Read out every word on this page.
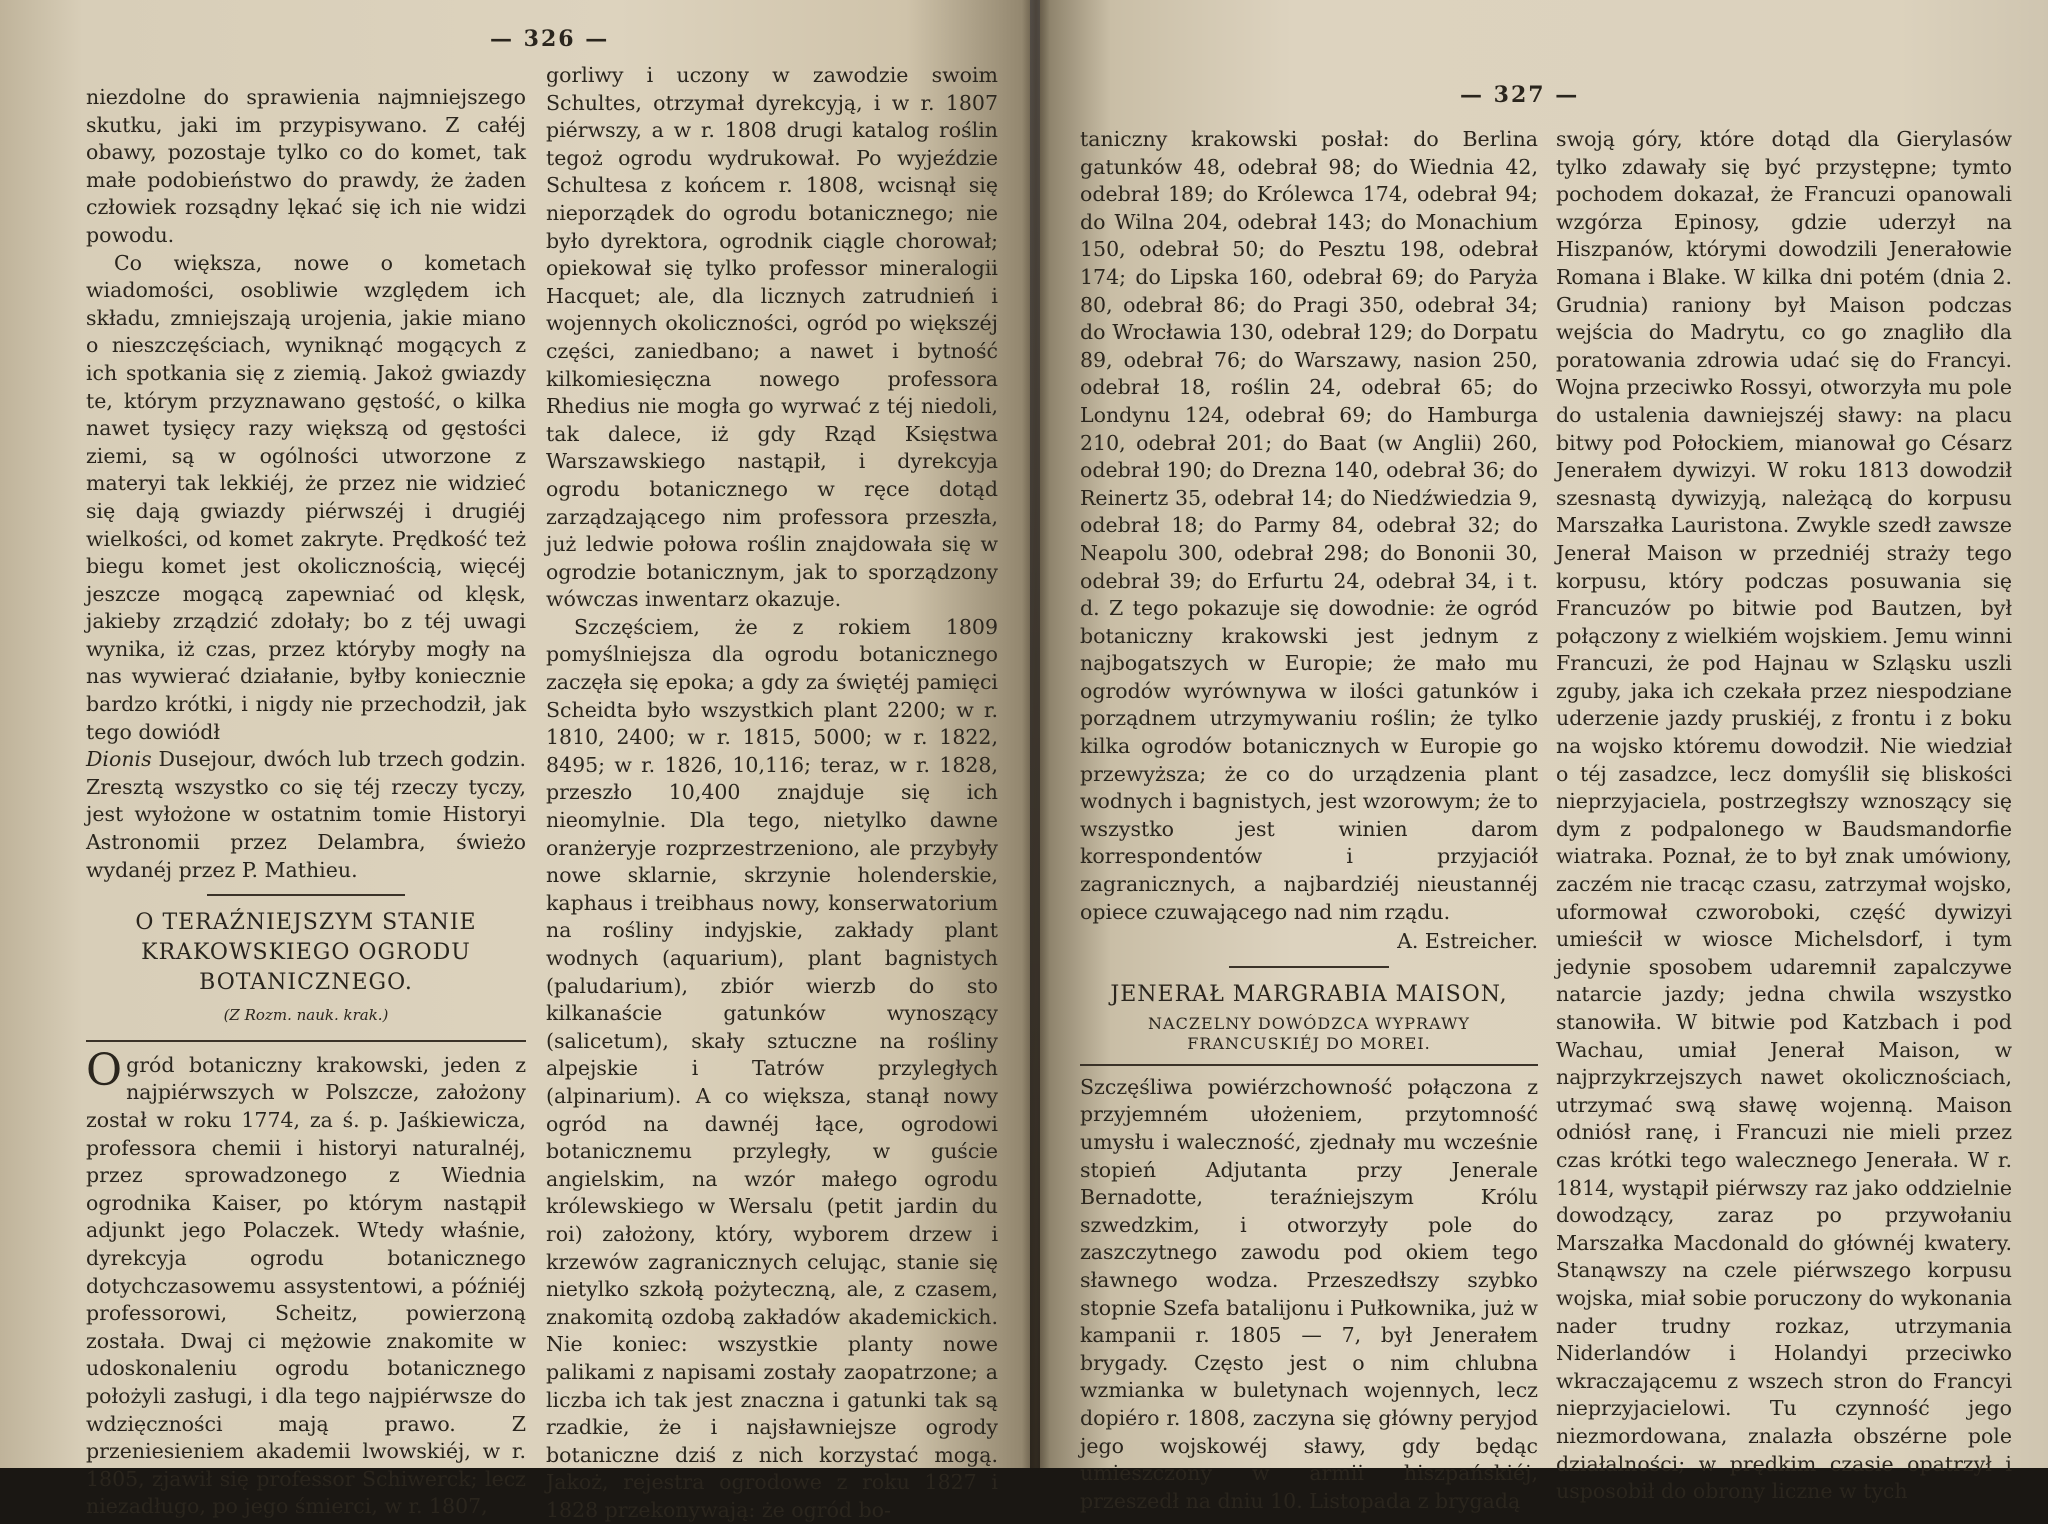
— 326 —

niezdolne do sprawienia najmniejszego skutku, jaki im przypisywano. Z całéj obawy, pozostaje tylko co do komet, tak małe podobieństwo do prawdy, że żaden człowiek rozsądny lękać się ich nie widzi powodu.

Co większa, nowe o kometach wiadomości, osobliwie względem ich składu, zmniejszają urojenia, jakie miano o nieszczęściach, wyniknąć mogących z ich spotkania się z ziemią. Jakoż gwiazdy te, którym przyznawano gęstość, o kilka nawet tysięcy razy większą od gęstości ziemi, są w ogólności utworzone z materyi tak lekkiéj, że przez nie widzieć się dają gwiazdy piérwszéj i drugiéj wielkości, od komet zakryte. Prędkość też biegu komet jest okolicznością, więcéj jeszcze mogącą zapewniać od klęsk, jakieby zrządzić zdołały; bo z téj uwagi wynika, iż czas, przez któryby mogły na nas wywierać działanie, byłby koniecznie bardzo krótki, i nigdy nie przechodził, jak tego dowiódł

Dionis Dusejour, dwóch lub trzech godzin. Zresztą wszystko co się téj rzeczy tyczy, jest wyłożone w ostatnim tomie Historyi Astronomii przez Delambra, świeżo wydanéj przez P. Mathieu.

O TERAŹNIEJSZYM STANIE KRAKOWSKIEGO OGRODU BOTANICZNEGO.
(Z Rozm. nauk. krak.)

Ogród botaniczny krakowski, jeden z najpiérwszych w Polszcze, założony został w roku 1774, za ś. p. Jaśkiewicza, professora chemii i historyi naturalnéj, przez sprowadzonego z Wiednia ogrodnika Kaiser, po którym nastąpił adjunkt jego Polaczek. Wtedy właśnie, dyrekcyja ogrodu botanicznego dotychczasowemu assystentowi, a późniéj professorowi, Scheitz, powierzoną została. Dwaj ci mężowie znakomite w udoskonaleniu ogrodu botanicznego położyli zasługi, i dla tego najpiérwsze do wdzięczności mają prawo. Z przeniesieniem akademii lwowskiéj, w r. 1805, zjawił się professor Schiwerck; lecz niezadługo, po jego śmierci, w r. 1807,

gorliwy i uczony w zawodzie swoim Schultes, otrzymał dyrekcyją, i w r. 1807 piérwszy, a w r. 1808 drugi katalog roślin tegoż ogrodu wydrukował. Po wyjeździe Schultesa z końcem r. 1808, wcisnął się nieporządek do ogrodu botanicznego; nie było dyrektora, ogrodnik ciągle chorował; opiekował się tylko professor mineralogii Hacquet; ale, dla licznych zatrudnień i wojennych okoliczności, ogród po większéj części, zaniedbano; a nawet i bytność kilkomiesięczna nowego professora Rhedius nie mogła go wyrwać z téj niedoli, tak dalece, iż gdy Rząd Księstwa Warszawskiego nastąpił, i dyrekcyja ogrodu botanicznego w ręce dotąd zarządzającego nim professora przeszła, już ledwie połowa roślin znajdowała się w ogrodzie botanicznym, jak to sporządzony wówczas inwentarz okazuje.

Szczęściem, że z rokiem 1809 pomyślniejsza dla ogrodu botanicznego zaczęła się epoka; a gdy za świętéj pamięci Scheidta było wszystkich plant 2200; w r. 1810, 2400; w r. 1815, 5000; w r. 1822, 8495; w r. 1826, 10,116; teraz, w r. 1828, przeszło 10,400 znajduje się ich nieomylnie. Dla tego, nietylko dawne oranżeryje rozprzestrzeniono, ale przybyły nowe sklarnie, skrzynie holenderskie, kaphaus i treibhaus nowy, konserwatorium na rośliny indyjskie, zakłady plant wodnych (aquarium), plant bagnistych (paludarium), zbiór wierzb do sto kilkanaście gatunków wynoszący (salicetum), skały sztuczne na rośliny alpejskie i Tatrów przyległych (alpinarium). A co większa, stanął nowy ogród na dawnéj łące, ogrodowi botanicznemu przyległy, w guście angielskim, na wzór małego ogrodu królewskiego w Wersalu (petit jardin du roi) założony, który, wyborem drzew i krzewów zagranicznych celując, stanie się nietylko szkołą pożyteczną, ale, z czasem, znakomitą ozdobą zakładów akademickich. Nie koniec: wszystkie planty nowe palikami z napisami zostały zaopatrzone; a liczba ich tak jest znaczna i gatunki tak są rzadkie, że i najsławniejsze ogrody botaniczne dziś z nich korzystać mogą. Jakoż, rejestra ogrodowe z roku 1827 i 1828 przekonywają: że ogród bo-

— 327 —

taniczny krakowski posłał: do Berlina gatunków 48, odebrał 98; do Wiednia 42, odebrał 189; do Królewca 174, odebrał 94; do Wilna 204, odebrał 143; do Monachium 150, odebrał 50; do Pesztu 198, odebrał 174; do Lipska 160, odebrał 69; do Paryża 80, odebrał 86; do Pragi 350, odebrał 34; do Wrocławia 130, odebrał 129; do Dorpatu 89, odebrał 76; do Warszawy, nasion 250, odebrał 18, roślin 24, odebrał 65; do Londynu 124, odebrał 69; do Hamburga 210, odebrał 201; do Baat (w Anglii) 260, odebrał 190; do Drezna 140, odebrał 36; do Reinertz 35, odebrał 14; do Niedźwiedzia 9, odebrał 18; do Parmy 84, odebrał 32; do Neapolu 300, odebrał 298; do Bononii 30, odebrał 39; do Erfurtu 24, odebrał 34, i t. d. Z tego pokazuje się dowodnie: że ogród botaniczny krakowski jest jednym z najbogatszych w Europie; że mało mu ogrodów wyrównywa w ilości gatunków i porządnem utrzymywaniu roślin; że tylko kilka ogrodów botanicznych w Europie go przewyższa; że co do urządzenia plant wodnych i bagnistych, jest wzorowym; że to wszystko jest winien darom korrespondentów i przyjaciół zagranicznych, a najbardziéj nieustannéj opiece czuwającego nad nim rządu.

A. Estreicher.
JENERAŁ MARGRABIA MAISON,
NACZELNY DOWÓDZCA WYPRAWY FRANCUSKIÉJ DO MOREI.

Szczęśliwa powiérzchowność połączona z przyjemném ułożeniem, przytomność umysłu i waleczność, zjednały mu wcześnie stopień Adjutanta przy Jenerale Bernadotte, teraźniejszym Królu szwedzkim, i otworzyły pole do zaszczytnego zawodu pod okiem tego sławnego wodza. Przeszedłszy szybko stopnie Szefa batalijonu i Pułkownika, już w kampanii r. 1805 — 7, był Jenerałem brygady. Często jest o nim chlubna wzmianka w buletynach wojennych, lecz dopiéro r. 1808, zaczyna się główny peryjod jego wojskowéj sławy, gdy będąc umieszczony w armii hiszpańskiéj, przeszedł na dniu 10. Listopada z brygadą

swoją góry, które dotąd dla Gierylasów tylko zdawały się być przystępne; tymto pochodem dokazał, że Francuzi opanowali wzgórza Epinosy, gdzie uderzył na Hiszpanów, którymi dowodzili Jenerałowie Romana i Blake. W kilka dni potém (dnia 2. Grudnia) raniony był Maison podczas wejścia do Madrytu, co go znagliło dla poratowania zdrowia udać się do Francyi. Wojna przeciwko Rossyi, otworzyła mu pole do ustalenia dawniejszéj sławy: na placu bitwy pod Połockiem, mianował go Césarz Jenerałem dywizyi. W roku 1813 dowodził szesnastą dywizyją, należącą do korpusu Marszałka Lauristona. Zwykle szedł zawsze Jenerał Maison w przedniéj straży tego korpusu, który podczas posuwania się Francuzów po bitwie pod Bautzen, był połączony z wielkiém wojskiem. Jemu winni Francuzi, że pod Hajnau w Szląsku uszli zguby, jaka ich czekała przez niespodziane uderzenie jazdy pruskiéj, z frontu i z boku na wojsko któremu dowodził. Nie wiedział o téj zasadzce, lecz domyślił się bliskości nieprzyjaciela, postrzegłszy wznoszący się dym z podpalonego w Baudsmandorfie wiatraka. Poznał, że to był znak umówiony, zaczém nie tracąc czasu, zatrzymał wojsko, uformował czworoboki, część dywizyi umieścił w wiosce Michelsdorf, i tym jedynie sposobem udaremnił zapalczywe natarcie jazdy; jedna chwila wszystko stanowiła. W bitwie pod Katzbach i pod Wachau, umiał Jenerał Maison, w najprzykrzejszych nawet okolicznościach, utrzymać swą sławę wojenną. Maison odniósł ranę, i Francuzi nie mieli przez czas krótki tego walecznego Jenerała. W r. 1814, wystąpił piérwszy raz jako oddzielnie dowodzący, zaraz po przywołaniu Marszałka Macdonald do głównéj kwatery. Stanąwszy na czele piérwszego korpusu wojska, miał sobie poruczony do wykonania nader trudny rozkaz, utrzymania Niderlandów i Holandyi przeciwko wkraczającemu z wszech stron do Francyi nieprzyjacielowi. Tu czynność jego niezmordowana, znalazła obszérne pole działalności; w prędkim czasie opatrzył i usposobił do obrony liczne w tych
